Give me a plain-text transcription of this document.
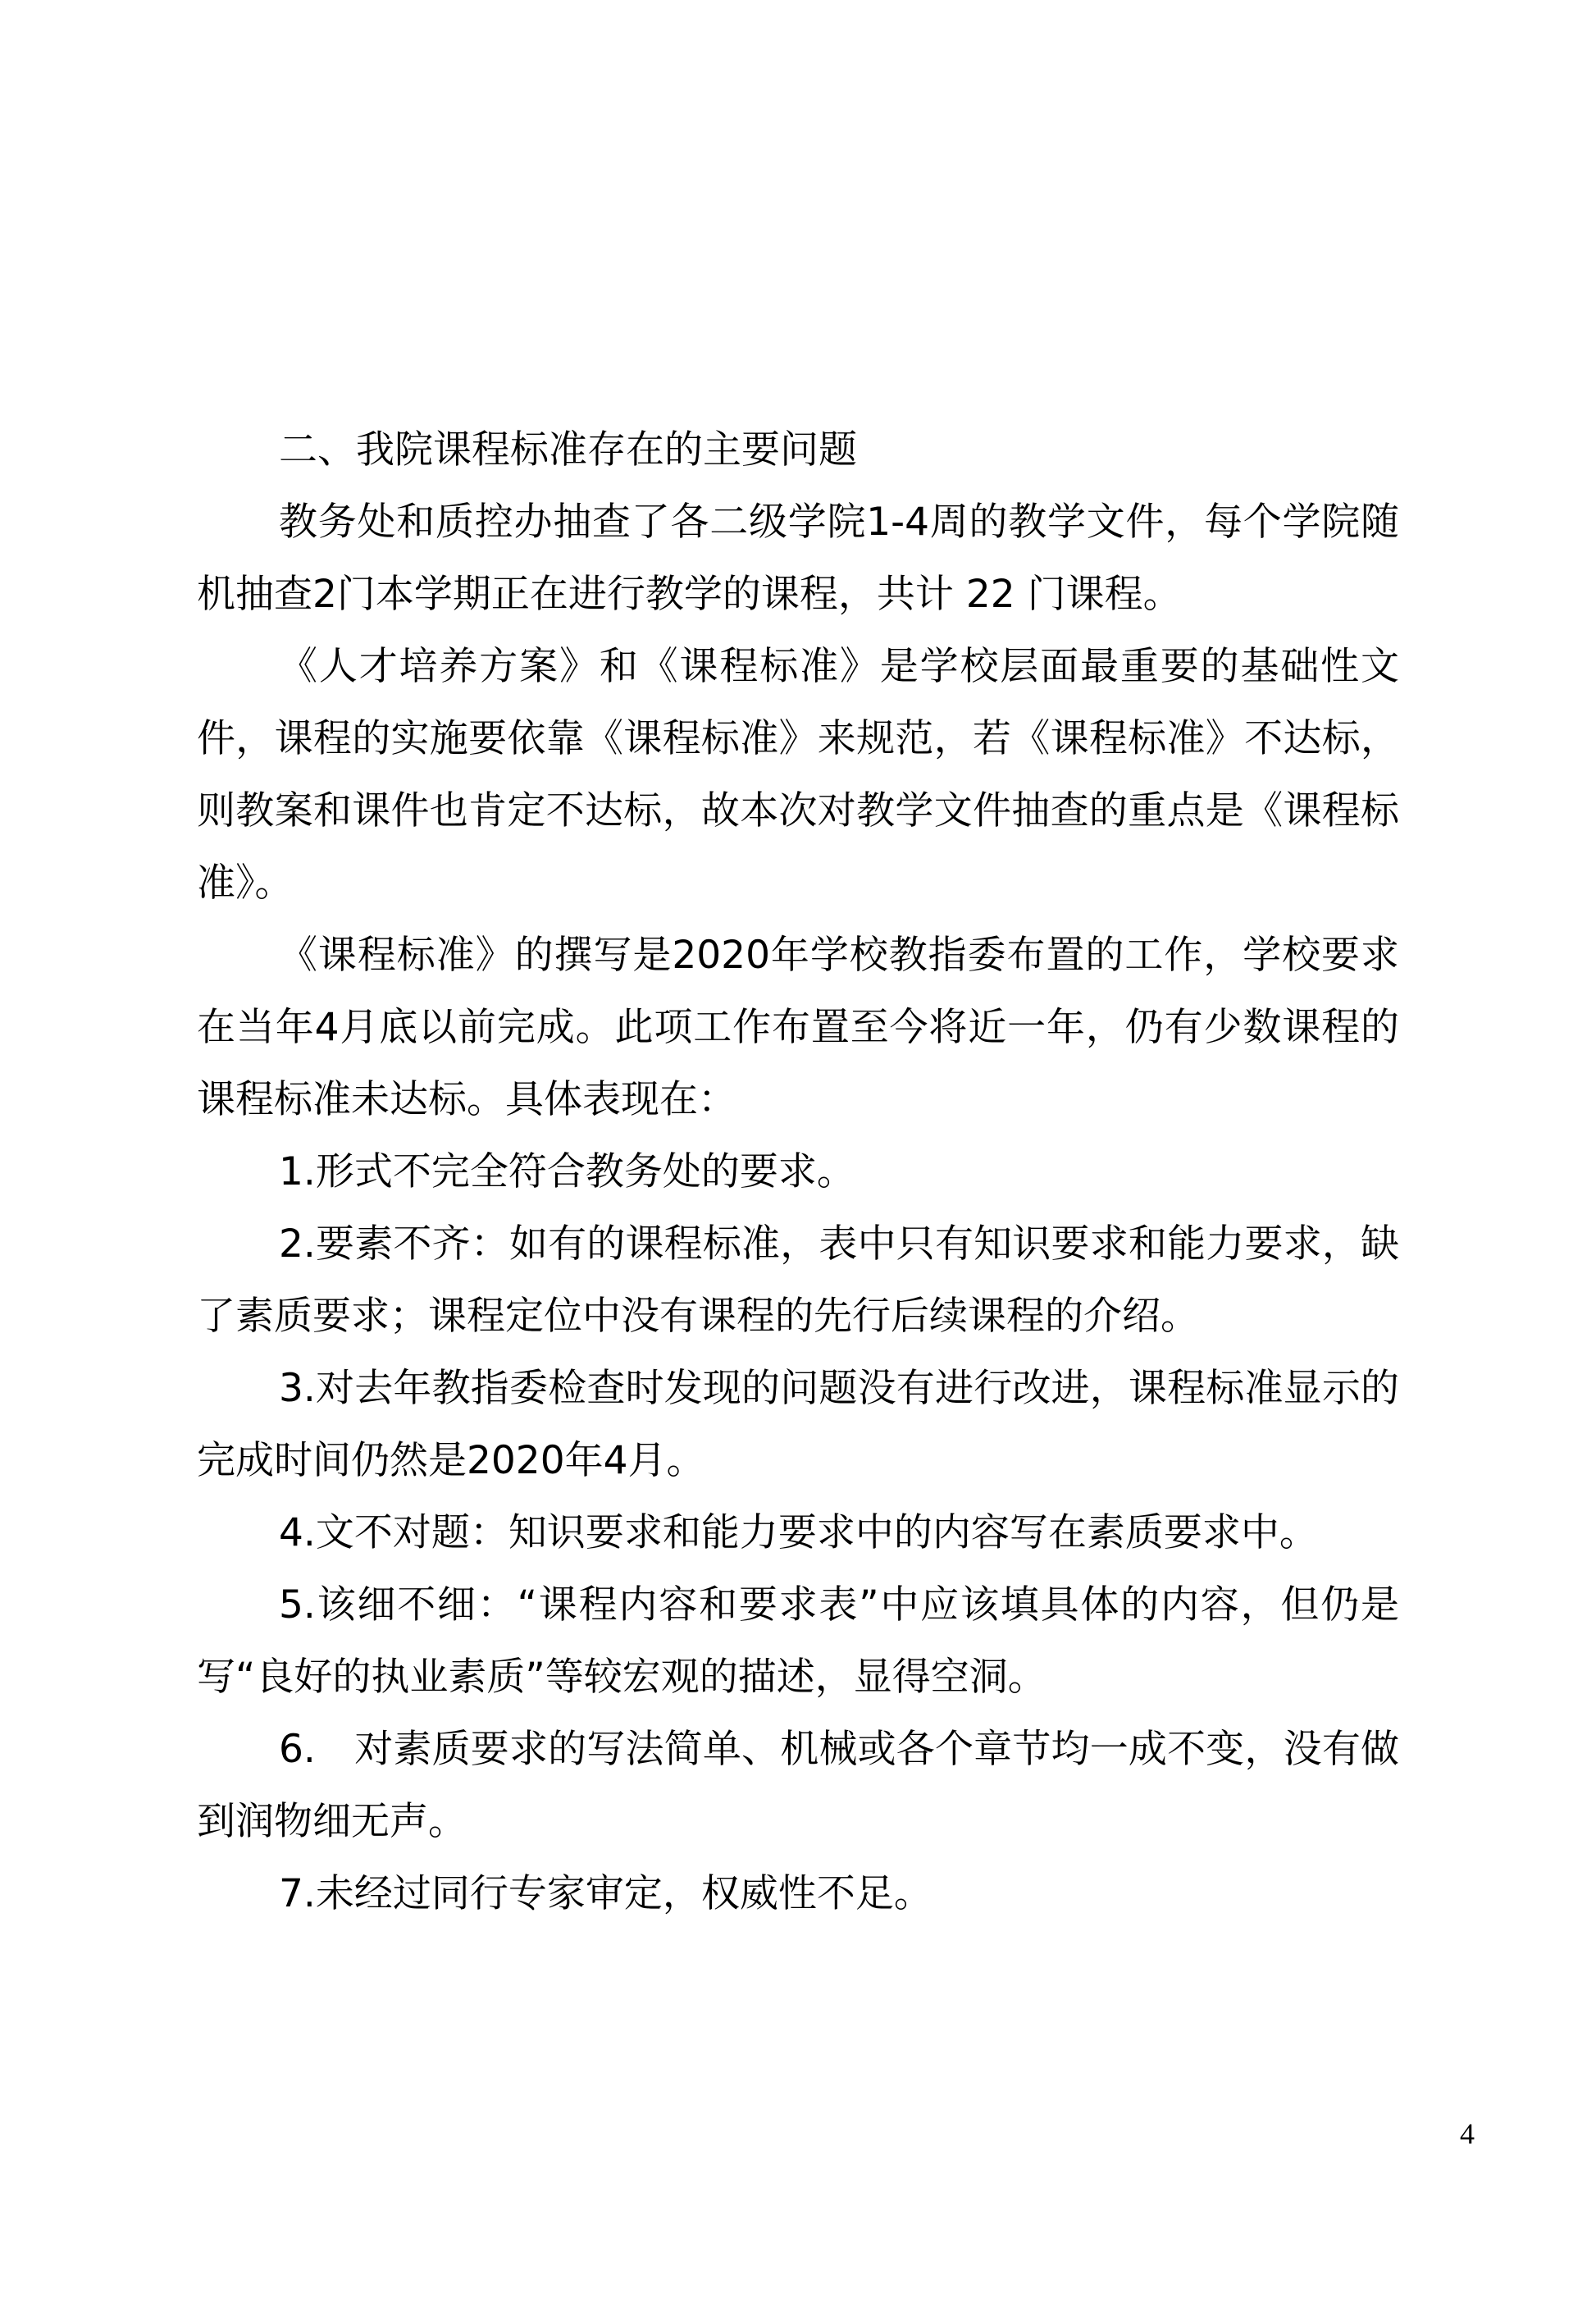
二、我院课程标准存在的主要问题

教务处和质控办抽查了各二级学院1-4周的教学文件，每个学院随机抽查2门本学期正在进行教学的课程，共计 22 门课程。

《人才培养方案》和《课程标准》是学校层面最重要的基础性文件，课程的实施要依靠《课程标准》来规范，若《课程标准》不达标，则教案和课件也肯定不达标，故本次对教学文件抽查的重点是《课程标准》。

《课程标准》的撰写是2020年学校教指委布置的工作，学校要求在当年4月底以前完成。此项工作布置至今将近一年，仍有少数课程的课程标准未达标。具体表现在：

1.形式不完全符合教务处的要求。

2.要素不齐：如有的课程标准，表中只有知识要求和能力要求，缺了素质要求；课程定位中没有课程的先行后续课程的介绍。

3.对去年教指委检查时发现的问题没有进行改进，课程标准显示的完成时间仍然是2020年4月。

4.文不对题：知识要求和能力要求中的内容写在素质要求中。

5.该细不细：“课程内容和要求表”中应该填具体的内容，但仍是写“良好的执业素质”等较宏观的描述，显得空洞。

6.　对素质要求的写法简单、机械或各个章节均一成不变，没有做到润物细无声。

7.未经过同行专家审定，权威性不足。

4
